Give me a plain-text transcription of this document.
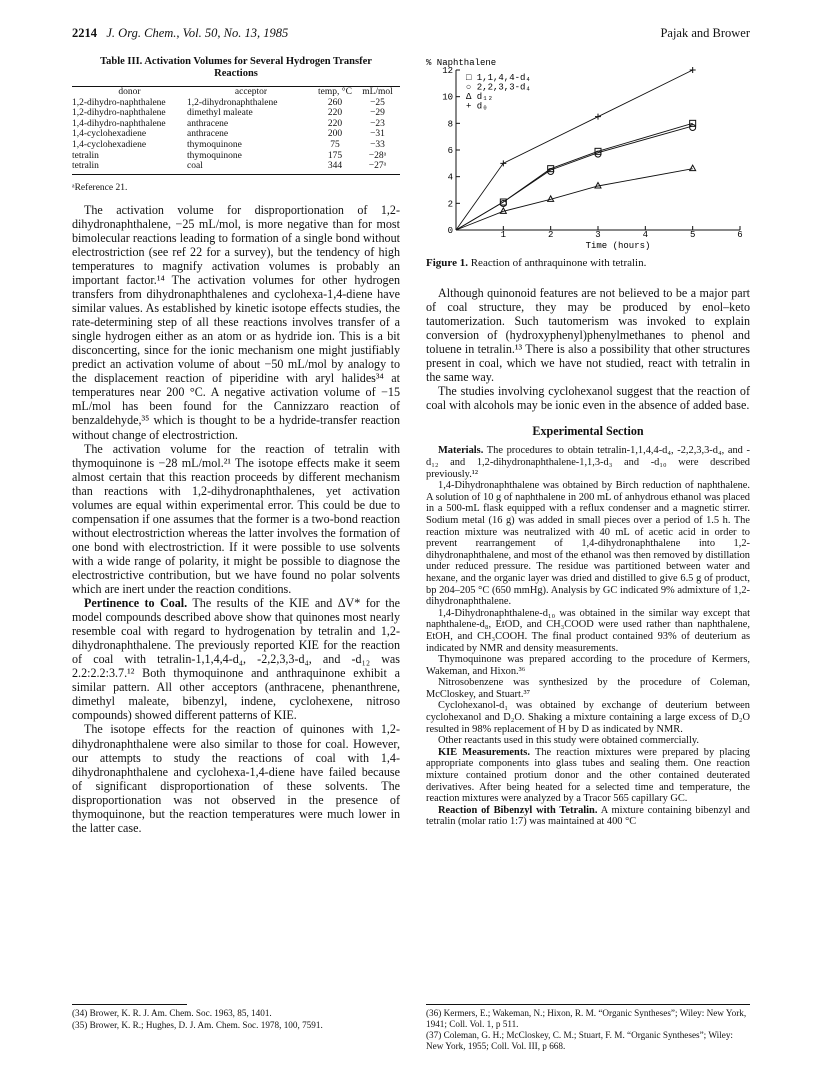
2214 J. Org. Chem., Vol. 50, No. 13, 1985	Pajak and Brower
Table III. Activation Volumes for Several Hydrogen Transfer Reactions
donor	acceptor	temp, °C	mL/mol
1,2-dihydro-naphthalene	1,2-dihydronaphthalene	260	−25
1,2-dihydro-naphthalene	dimethyl maleate	220	−29
1,4-dihydro-naphthalene	anthracene	220	−23
1,4-cyclohexadiene	anthracene	200	−31
1,4-cyclohexadiene	thymoquinone	75	−33
tetralin	thymoquinone	175	−28ᵃ
tetralin	coal	344	−27ᵃ
ᵃReference 21.

The activation volume for disproportionation of 1,2-dihydronaphthalene, −25 mL/mol, is more negative than for most bimolecular reactions leading to formation of a single bond without electrostriction (see ref 22 for a survey), but the tendency of high temperatures to magnify activation volumes is probably an important factor.¹⁴ The activation volumes for other hydrogen transfers from dihydronaphthalenes and cyclohexa-1,4-diene have similar values. As established by kinetic isotope effects studies, the rate-determining step of all these reactions involves transfer of a single hydrogen either as an atom or as hydride ion. This is a bit disconcerting, since for the ionic mechanism one might justifiably predict an activation volume of about −50 mL/mol by analogy to the displacement reaction of piperidine with aryl halides³⁴ at temperatures near 200 °C. A negative activation volume of −15 mL/mol has been found for the Cannizzaro reaction of benzaldehyde,³⁵ which is thought to be a hydride-transfer reaction without change of electrostriction.

The activation volume for the reaction of tetralin with thymoquinone is −28 mL/mol.²¹ The isotope effects make it seem almost certain that this reaction proceeds by different mechanism than reactions with 1,2-dihydronaphthalenes, yet activation volumes are equal within experimental error. This could be due to compensation if one assumes that the former is a two-bond reaction without electrostriction whereas the latter involves the formation of one bond with electrostriction. If it were possible to use solvents with a wide range of polarity, it might be possible to diagnose the electrostrictive contribution, but we have found no polar solvents which are inert under the reaction conditions.

Pertinence to Coal. The results of the KIE and ΔV* for the model compounds described above show that quinones most nearly resemble coal with regard to hydrogenation by tetralin and 1,2-dihydronaphthalene. The previously reported KIE for the reaction of coal with tetralin-1,1,4,4-d₄, -2,2,3,3-d₄, and -d₁₂ was 2.2:2.2:3.7.¹² Both thymoquinone and anthraquinone exhibit a similar pattern. All other acceptors (anthracene, phenanthrene, dimethyl maleate, bibenzyl, indene, cyclohexene, nitroso compounds) showed different patterns of KIE.

The isotope effects for the reaction of quinones with 1,2-dihydronaphthalene were also similar to those for coal. However, our attempts to study the reactions of coal with 1,4-dihydronaphthalene and cyclohexa-1,4-diene have failed because of significant disproportionation of these solvents. The disproportionation was not observed in the presence of thymoquinone, but the reaction temperatures were much lower in the latter case.

(34) Brower, K. R. J. Am. Chem. Soc. 1963, 85, 1401.

(35) Brower, K. R.; Hughes, D. J. Am. Chem. Soc. 1978, 100, 7591.

1	2	3	4	5	6
0
2
4
6
8
10
12
% Naphthalene
Time (hours)
□ 1,1,4,4-d₄
○ 2,2,3,3-d₄
Δ d₁₂
+ d₀
Figure 1. Reaction of anthraquinone with tetralin.

Although quinonoid features are not believed to be a major part of coal structure, they may be produced by enol–keto tautomerization. Such tautomerism was invoked to explain conversion of (hydroxyphenyl)phenylmethanes to phenol and toluene in tetralin.¹³ There is also a possibility that other structures present in coal, which we have not studied, react with tetralin in the same way.

The studies involving cyclohexanol suggest that the reaction of coal with alcohols may be ionic even in the absence of added base.

Experimental Section

Materials. The procedures to obtain tetralin-1,1,4,4-d₄, -2,2,3,3-d₄, and -d₁₂ and 1,2-dihydronaphthalene-1,1,3-d₃ and -d₁₀ were described previously.¹²

1,4-Dihydronaphthalene was obtained by Birch reduction of naphthalene. A solution of 10 g of naphthalene in 200 mL of anhydrous ethanol was placed in a 500-mL flask equipped with a reflux condenser and a magnetic stirrer. Sodium metal (16 g) was added in small pieces over a period of 1.5 h. The reaction mixture was neutralized with 40 mL of acetic acid in order to prevent rearrangement of 1,4-dihydronaphthalene into 1,2-dihydronaphthalene, and most of the ethanol was then removed by distillation under reduced pressure. The residue was partitioned between water and hexane, and the organic layer was dried and distilled to give 6.5 g of product, bp 204–205 °C (650 mmHg). Analysis by GC indicated 9% admixture of 1,2-dihydronaphthalene.

1,4-Dihydronaphthalene-d₁₀ was obtained in the similar way except that naphthalene-d₈, EtOD, and CH₃COOD were used rather than naphthalene, EtOH, and CH₃COOH. The final product contained 93% of deuterium as indicated by NMR and density measurements.

Thymoquinone was prepared according to the procedure of Kermers, Wakeman, and Hixon.³⁶

Nitrosobenzene was synthesized by the procedure of Coleman, McCloskey, and Stuart.³⁷

Cyclohexanol-d₁ was obtained by exchange of deuterium between cyclohexanol and D₂O. Shaking a mixture containing a large excess of D₂O resulted in 98% replacement of H by D as indicated by NMR.

Other reactants used in this study were obtained commercially.

KIE Measurements. The reaction mixtures were prepared by placing appropriate components into glass tubes and sealing them. One reaction mixture contained protium donor and the other contained deuterated derivatives. After being heated for a selected time and temperature, the reaction mixtures were analyzed by a Tracor 565 capillary GC.

Reaction of Bibenzyl with Tetralin. A mixture containing bibenzyl and tetralin (molar ratio 1:7) was maintained at 400 °C

(36) Kermers, E.; Wakeman, N.; Hixon, R. M. “Organic Syntheses”; Wiley: New York, 1941; Coll. Vol. 1, p 511.

(37) Coleman, G. H.; McCloskey, C. M.; Stuart, F. M. “Organic Syntheses”; Wiley: New York, 1955; Coll. Vol. III, p 668.
